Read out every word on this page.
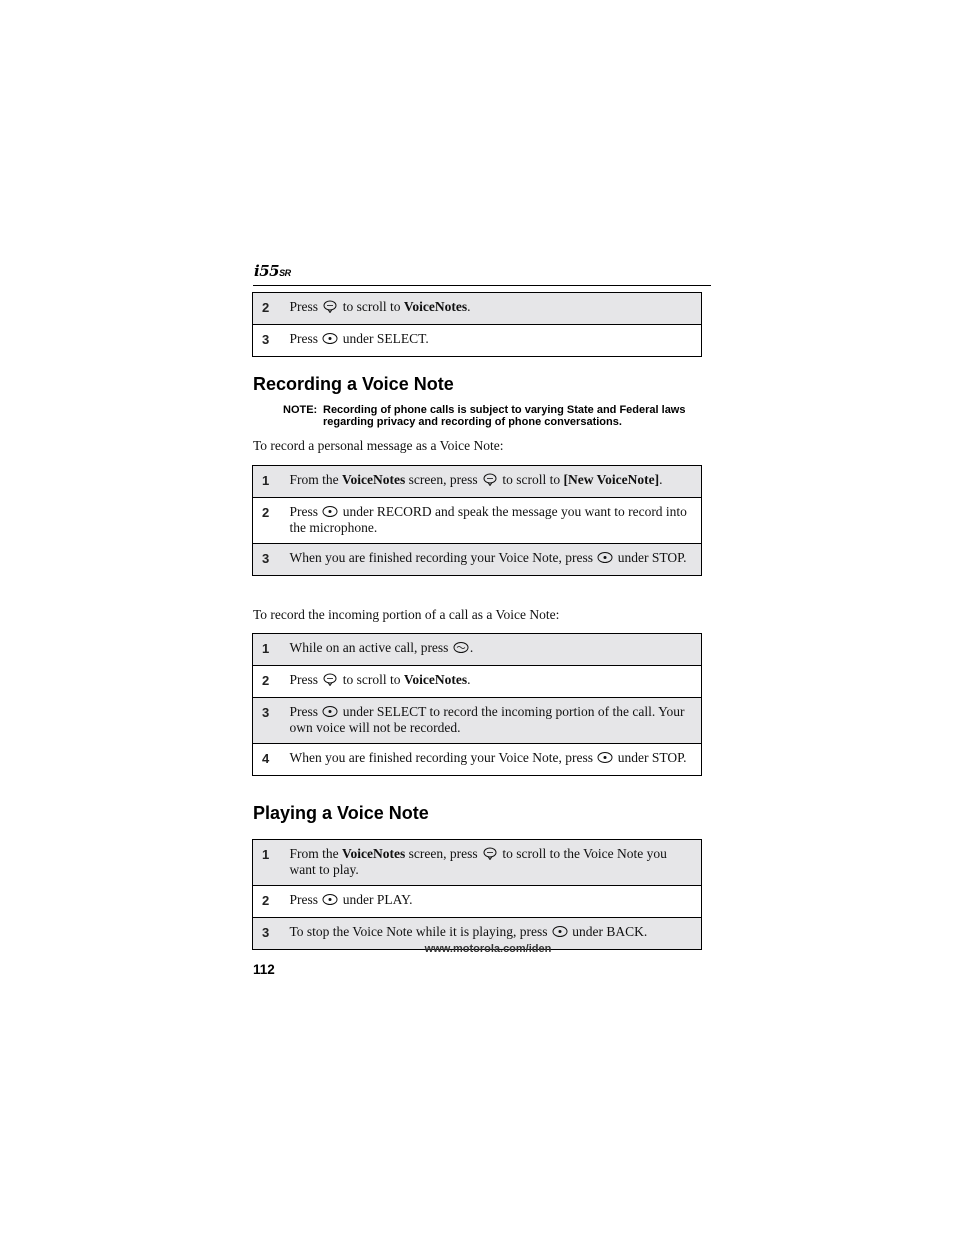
i55SR
2	Press  to scroll to VoiceNotes.
3	Press  under SELECT.
Recording a Voice Note
NOTE: Recording of phone calls is subject to varying State and Federal laws regarding privacy and recording of phone conversations.

To record a personal message as a Voice Note:

1	From the VoiceNotes screen, press  to scroll to [New VoiceNote].
2	Press  under RECORD and speak the message you want to record into the microphone.
3	When you are finished recording your Voice Note, press  under STOP.

To record the incoming portion of a call as a Voice Note:

1	While on an active call, press .
2	Press  to scroll to VoiceNotes.
3	Press  under SELECT to record the incoming portion of the call. Your own voice will not be recorded.
4	When you are finished recording your Voice Note, press  under STOP.
Playing a Voice Note
1	From the VoiceNotes screen, press  to scroll to the Voice Note you want to play.
2	Press  under PLAY.
3	To stop the Voice Note while it is playing, press  under BACK.
www.motorola.com/iden
112
